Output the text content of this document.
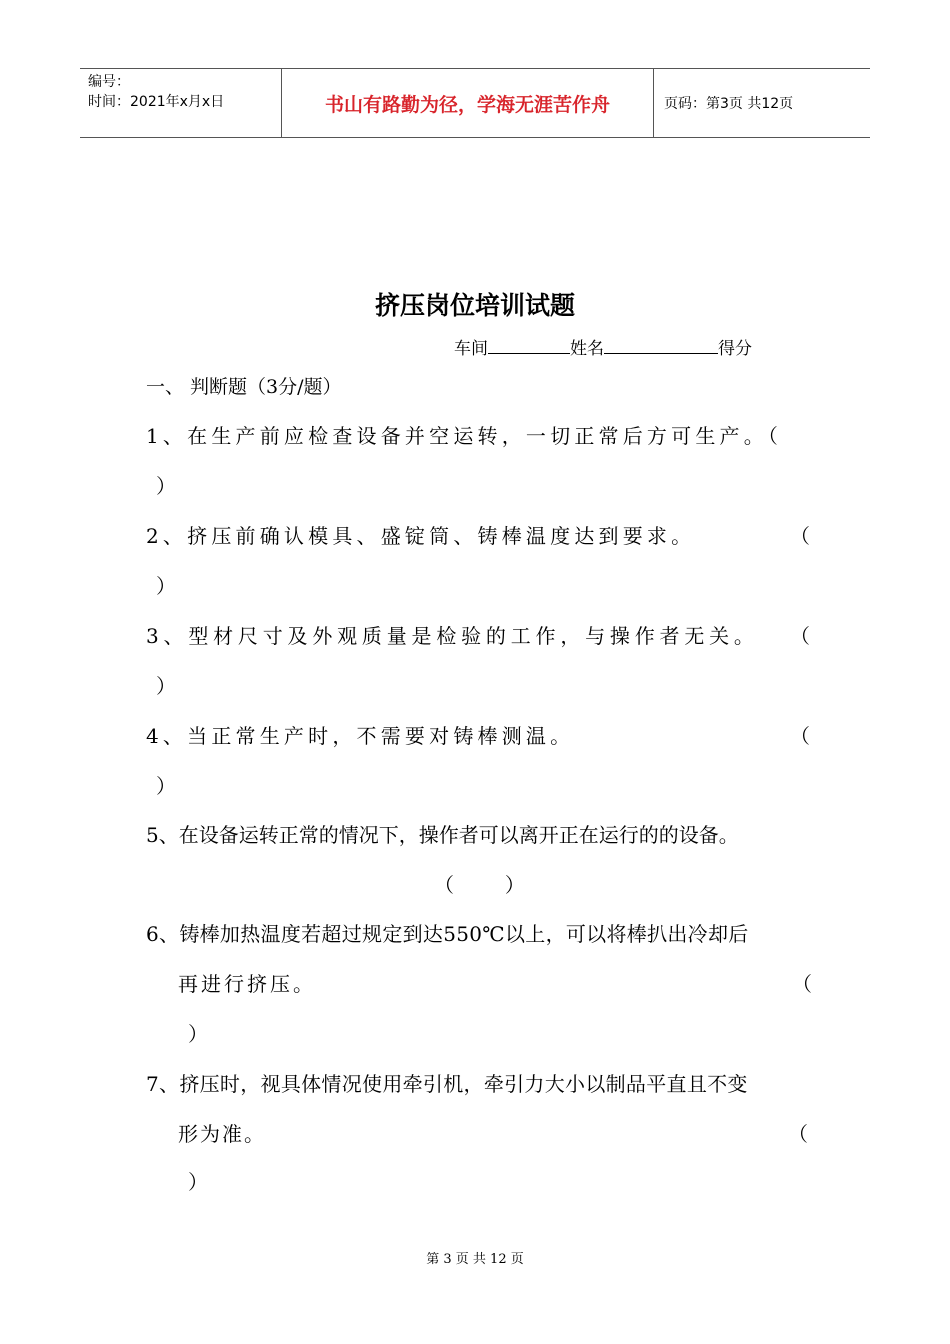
编号：
时间：2021年x月x日	书山有路勤为径，学海无涯苦作舟	页码：第3页 共12页
挤压岗位培训试题
车间	姓名	得分
一、 判断题（3分/题）
1、在生产前应检查设备并空运转，一切正常后方可生产。（
）
2、挤压前确认模具、盛锭筒、铸棒温度达到要求。	（
）
3、型材尺寸及外观质量是检验的工作，与操作者无关。 （
）
4、当正常生产时，不需要对铸棒测温。	（
）
5、在设备运转正常的情况下，操作者可以离开正在运行的的设备。
（        ）
6、铸棒加热温度若超过规定到达550℃以上，可以将棒扒出冷却后
再进行挤压。	（
）
7、挤压时，视具体情况使用牵引机，牵引力大小以制品平直且不变
形为准。	（
）
第 3 页 共 12 页
